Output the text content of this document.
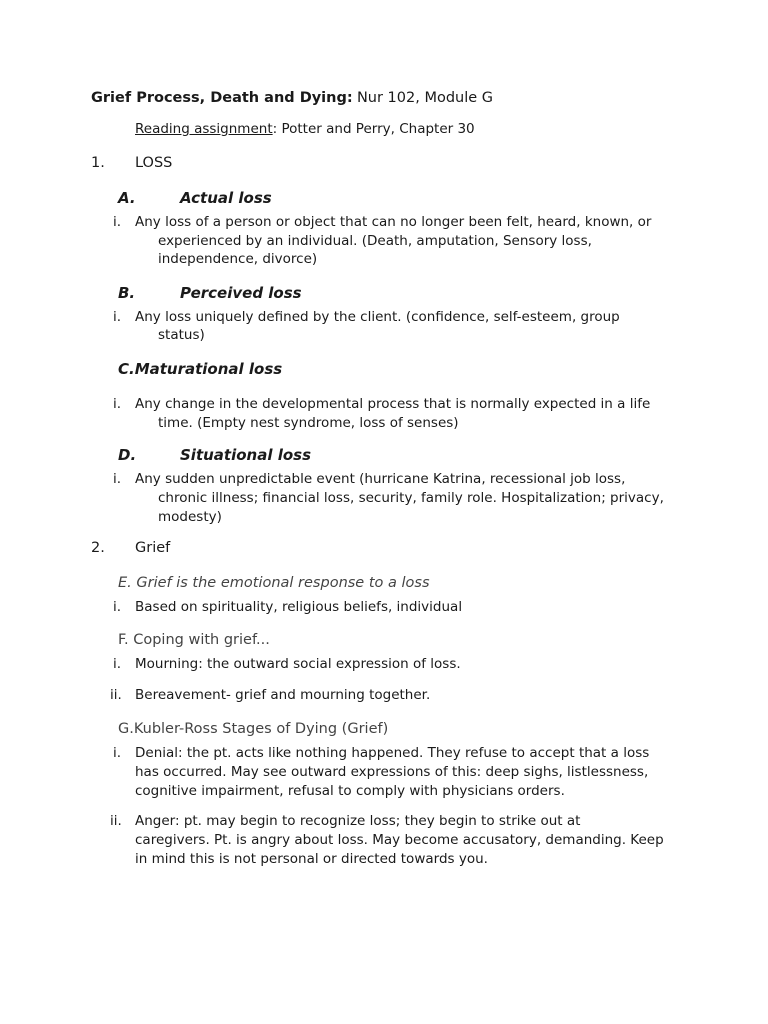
Grief Process, Death and Dying: Nur 102, Module G
Reading assignment: Potter and Perry, Chapter 30
1. LOSS
A.	Actual loss
i. Any loss of a person or object that can no longer been felt, heard, known, or
experienced by an individual. (Death, amputation, Sensory loss,
independence, divorce)
B.	Perceived loss
i. Any loss uniquely defined by the client. (confidence, self-esteem, group
status)
C.Maturational loss
i. Any change in the developmental process that is normally expected in a life
time. (Empty nest syndrome, loss of senses)
D.	Situational loss
i. Any sudden unpredictable event (hurricane Katrina, recessional job loss,
chronic illness; financial loss, security, family role. Hospitalization; privacy,
modesty)
2. Grief
E. Grief is the emotional response to a loss
i. Based on spirituality, religious beliefs, individual
F. Coping with grief...
i. Mourning: the outward social expression of loss.
ii. Bereavement- grief and mourning together.
G.Kubler-Ross Stages of Dying (Grief)
i. Denial: the pt. acts like nothing happened. They refuse to accept that a loss
has occurred. May see outward expressions of this: deep sighs, listlessness,
cognitive impairment, refusal to comply with physicians orders.
ii. Anger: pt. may begin to recognize loss; they begin to strike out at
caregivers. Pt. is angry about loss. May become accusatory, demanding. Keep
in mind this is not personal or directed towards you.
